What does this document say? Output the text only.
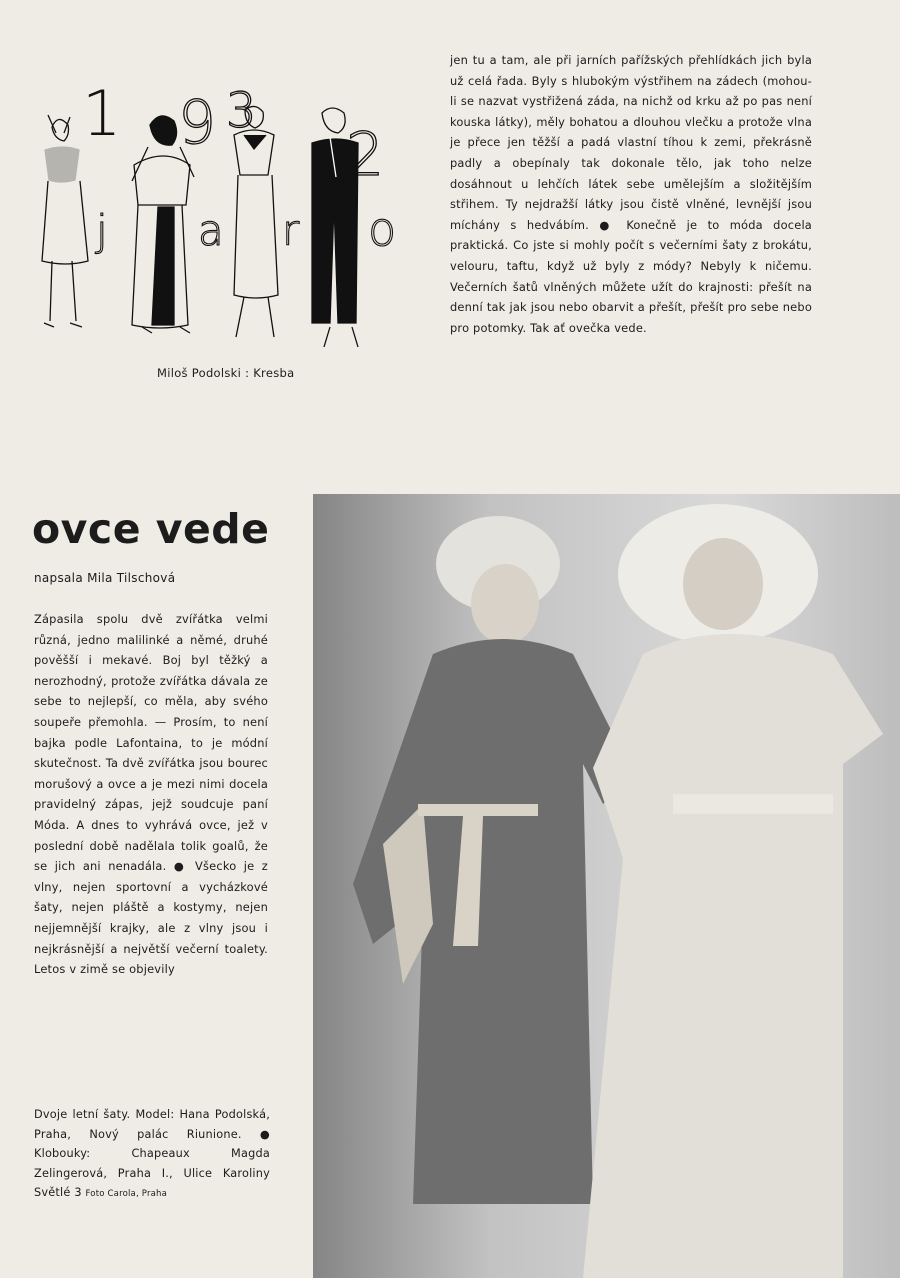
1 9 3
2
j a r o
Miloš Podolski : Kresba

jen tu a tam, ale při jarních pařížských přehlídkách jich byla už celá řada. Byly s hlubokým výstřihem na zádech (mohou-li se nazvat vystřižená záda, na nichž od krku až po pas není kouska látky), měly bohatou a dlouhou vlečku a protože vlna je přece jen těžší a padá vlastní tíhou k zemi, překrásně padly a obepínaly tak dokonale tělo, jak toho nelze dosáhnout u lehčích látek sebe umělejším a složitějším střihem. Ty nejdražší látky jsou čistě vlněné, levnější jsou míchány s hedvábím. ● Konečně je to móda docela praktická. Co jste si mohly počít s večerními šaty z brokátu, velouru, taftu, když už byly z módy? Nebyly k ničemu. Večerních šatů vlněných můžete užít do krajnosti: přešít na denní tak jak jsou nebo obarvit a přešít, přešít pro sebe nebo pro potomky. Tak ať ovečka vede.

ovce vede
napsala Mila Tilschová

Zápasila spolu dvě zvířátka velmi různá, jedno malilinké a němé, druhé pověšší i mekavé. Boj byl těžký a nerozhodný, protože zvířátka dávala ze sebe to nejlepší, co měla, aby svého soupeře přemohla. — Prosím, to není bajka podle Lafontaina, to je módní skutečnost. Ta dvě zvířátka jsou bourec morušový a ovce a je mezi nimi docela pravidelný zápas, jejž soudcuje paní Móda. A dnes to vyhrává ovce, jež v poslední době nadělala tolik goalů, že se jich ani nenadála. ● Všecko je z vlny, nejen sportovní a vycházkové šaty, nejen pláště a kostymy, nejen nejjemnější krajky, ale z vlny jsou i nejkrásnější a největší večerní toalety. Letos v zimě se objevily

Dvoje letní šaty. Model: Hana Podolská, Praha, Nový palác Riunione. ● Klobouky: Chapeaux Magda Zelingerová, Praha I., Ulice Karoliny Světlé 3 Foto Carola, Praha
